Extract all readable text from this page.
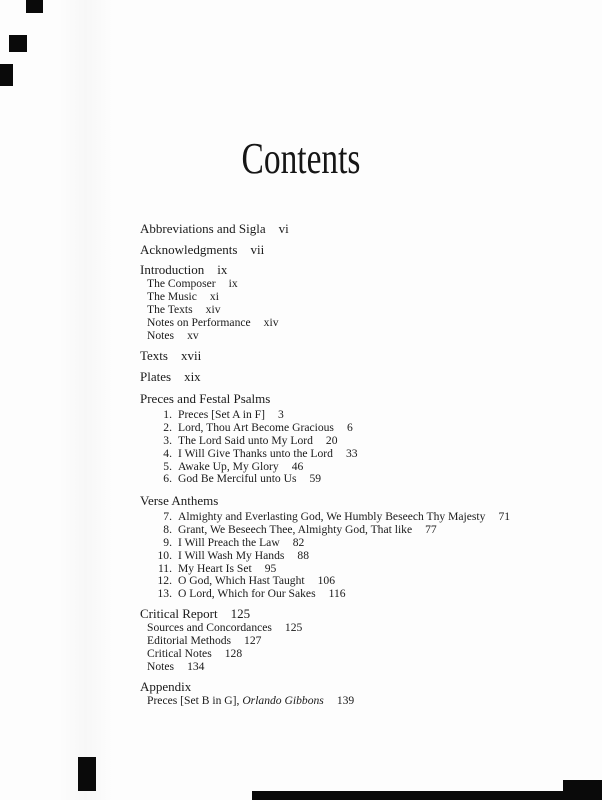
Contents
Abbreviations and Sigla vi
Acknowledgments vii
Introduction ix
The Composer ix
The Music xi
The Texts xiv
Notes on Performance xiv
Notes xv
Texts xvii
Plates xix
Preces and Festal Psalms
1. Preces [Set A in F] 3
2. Lord, Thou Art Become Gracious 6
3. The Lord Said unto My Lord 20
4. I Will Give Thanks unto the Lord 33
5. Awake Up, My Glory 46
6. God Be Merciful unto Us 59
Verse Anthems
7. Almighty and Everlasting God, We Humbly Beseech Thy Majesty 71
8. Grant, We Beseech Thee, Almighty God, That like 77
9. I Will Preach the Law 82
10. I Will Wash My Hands 88
11. My Heart Is Set 95
12. O God, Which Hast Taught 106
13. O Lord, Which for Our Sakes 116
Critical Report 125
Sources and Concordances 125
Editorial Methods 127
Critical Notes 128
Notes 134
Appendix
Preces [Set B in G], Orlando Gibbons 139
